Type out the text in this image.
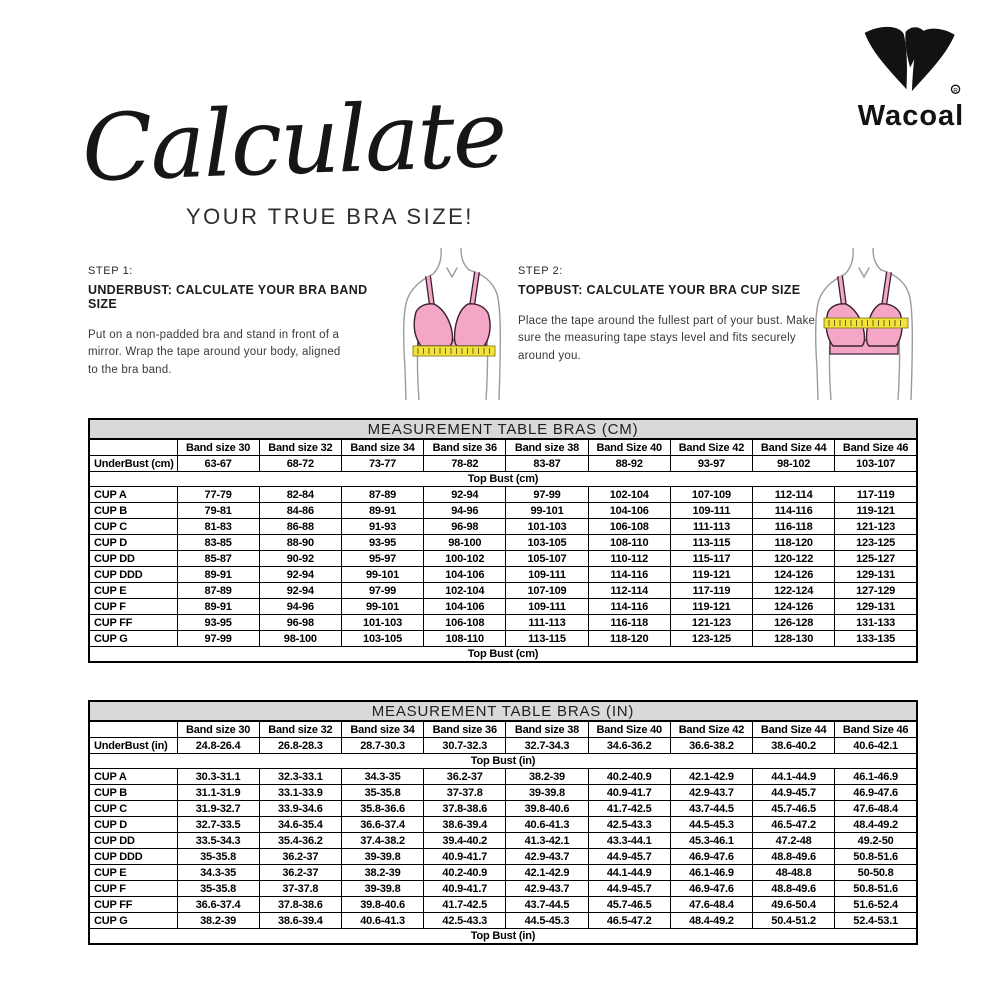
R
Wacoal
Calculate
YOUR TRUE BRA SIZE!
STEP 1:
UNDERBUST: CALCULATE YOUR BRA BAND SIZE
Put on a non-padded bra and stand in front of a mirror. Wrap the tape around your body, aligned to the bra band.
STEP 2:
TOPBUST: CALCULATE YOUR BRA CUP SIZE
Place the tape around the fullest part of your bust. Make sure the measuring tape stays level and fits securely around you.
MEASUREMENT TABLE BRAS (CM)									
	Band size 30	Band size 32	Band size 34	Band size 36	Band size 38	Band Size 40	Band Size 42	Band Size 44	Band Size 46
UnderBust (cm)	63-67	68-72	73-77	78-82	83-87	88-92	93-97	98-102	103-107
Top Bust (cm)									
CUP A	77-79	82-84	87-89	92-94	97-99	102-104	107-109	112-114	117-119
CUP B	79-81	84-86	89-91	94-96	99-101	104-106	109-111	114-116	119-121
CUP C	81-83	86-88	91-93	96-98	101-103	106-108	111-113	116-118	121-123
CUP D	83-85	88-90	93-95	98-100	103-105	108-110	113-115	118-120	123-125
CUP DD	85-87	90-92	95-97	100-102	105-107	110-112	115-117	120-122	125-127
CUP DDD	89-91	92-94	99-101	104-106	109-111	114-116	119-121	124-126	129-131
CUP E	87-89	92-94	97-99	102-104	107-109	112-114	117-119	122-124	127-129
CUP F	89-91	94-96	99-101	104-106	109-111	114-116	119-121	124-126	129-131
CUP FF	93-95	96-98	101-103	106-108	111-113	116-118	121-123	126-128	131-133
CUP G	97-99	98-100	103-105	108-110	113-115	118-120	123-125	128-130	133-135
Top Bust (cm)									
MEASUREMENT TABLE BRAS (IN)									
	Band size 30	Band size 32	Band size 34	Band size 36	Band size 38	Band Size 40	Band Size 42	Band Size 44	Band Size 46
UnderBust (in)	24.8-26.4	26.8-28.3	28.7-30.3	30.7-32.3	32.7-34.3	34.6-36.2	36.6-38.2	38.6-40.2	40.6-42.1
Top Bust (in)									
CUP A	30.3-31.1	32.3-33.1	34.3-35	36.2-37	38.2-39	40.2-40.9	42.1-42.9	44.1-44.9	46.1-46.9
CUP B	31.1-31.9	33.1-33.9	35-35.8	37-37.8	39-39.8	40.9-41.7	42.9-43.7	44.9-45.7	46.9-47.6
CUP C	31.9-32.7	33.9-34.6	35.8-36.6	37.8-38.6	39.8-40.6	41.7-42.5	43.7-44.5	45.7-46.5	47.6-48.4
CUP D	32.7-33.5	34.6-35.4	36.6-37.4	38.6-39.4	40.6-41.3	42.5-43.3	44.5-45.3	46.5-47.2	48.4-49.2
CUP DD	33.5-34.3	35.4-36.2	37.4-38.2	39.4-40.2	41.3-42.1	43.3-44.1	45.3-46.1	47.2-48	49.2-50
CUP DDD	35-35.8	36.2-37	39-39.8	40.9-41.7	42.9-43.7	44.9-45.7	46.9-47.6	48.8-49.6	50.8-51.6
CUP E	34.3-35	36.2-37	38.2-39	40.2-40.9	42.1-42.9	44.1-44.9	46.1-46.9	48-48.8	50-50.8
CUP F	35-35.8	37-37.8	39-39.8	40.9-41.7	42.9-43.7	44.9-45.7	46.9-47.6	48.8-49.6	50.8-51.6
CUP FF	36.6-37.4	37.8-38.6	39.8-40.6	41.7-42.5	43.7-44.5	45.7-46.5	47.6-48.4	49.6-50.4	51.6-52.4
CUP G	38.2-39	38.6-39.4	40.6-41.3	42.5-43.3	44.5-45.3	46.5-47.2	48.4-49.2	50.4-51.2	52.4-53.1
Top Bust (in)									
